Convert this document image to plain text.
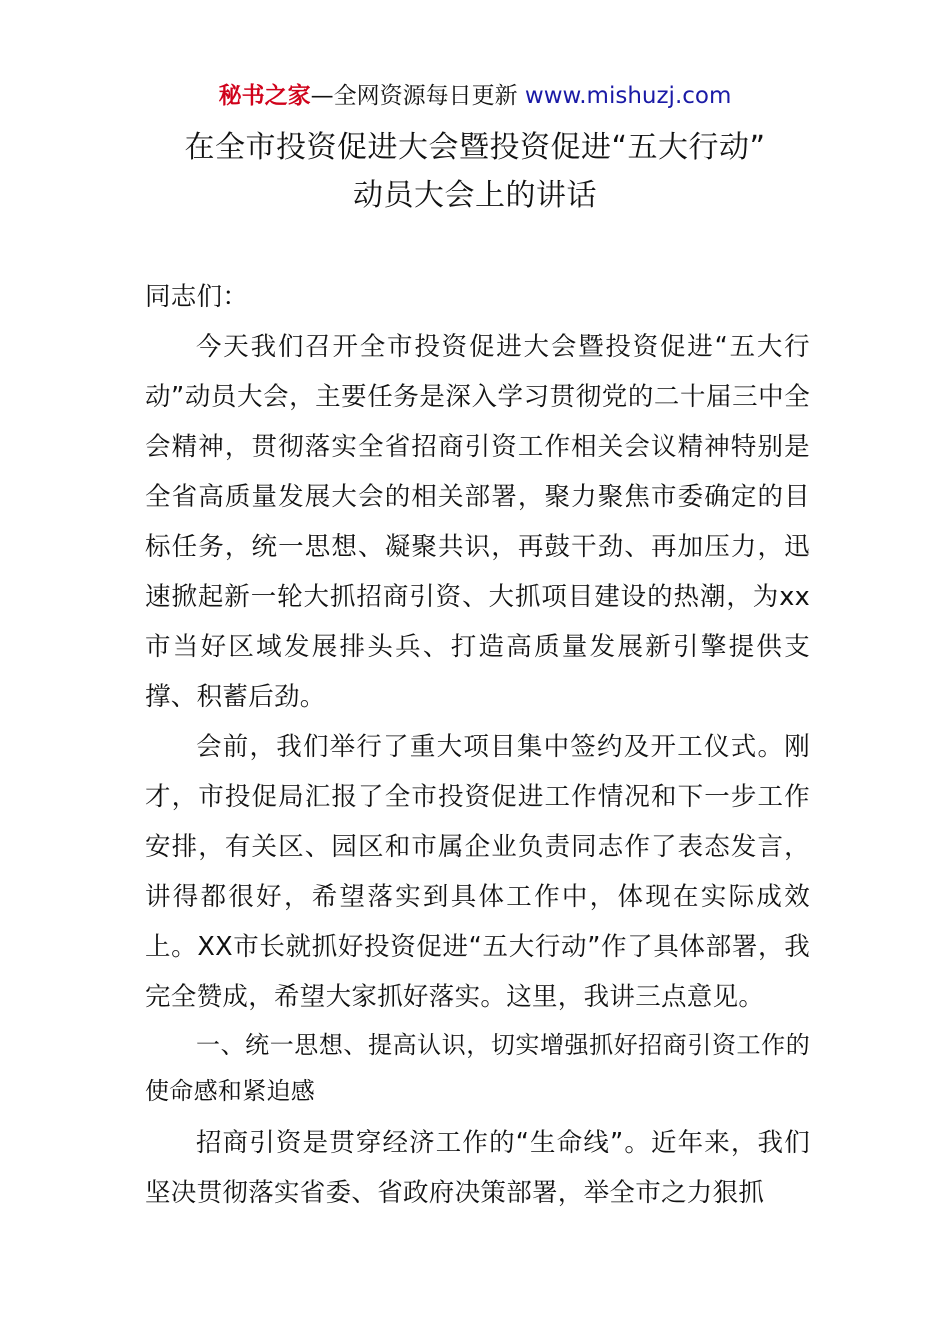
秘书之家—全网资源每日更新 www.mishuzj.com
在全市投资促进大会暨投资促进“五大行动”
动员大会上的讲话
同志们：

今天我们召开全市投资促进大会暨投资促进“五大行动”动员大会，主要任务是深入学习贯彻党的二十届三中全会精神，贯彻落实全省招商引资工作相关会议精神特别是全省高质量发展大会的相关部署，聚力聚焦市委确定的目标任务，统一思想、凝聚共识，再鼓干劲、再加压力，迅速掀起新一轮大抓招商引资、大抓项目建设的热潮，为xx市当好区域发展排头兵、打造高质量发展新引擎提供支撑、积蓄后劲。

会前，我们举行了重大项目集中签约及开工仪式。刚才，市投促局汇报了全市投资促进工作情况和下一步工作安排，有关区、园区和市属企业负责同志作了表态发言，讲得都很好，希望落实到具体工作中，体现在实际成效上。XX市长就抓好投资促进“五大行动”作了具体部署，我完全赞成，希望大家抓好落实。这里，我讲三点意见。

一、统一思想、提高认识，切实增强抓好招商引资工作的使命感和紧迫感

招商引资是贯穿经济工作的“生命线”。近年来，我们坚决贯彻落实省委、省政府决策部署，举全市之力狠抓
